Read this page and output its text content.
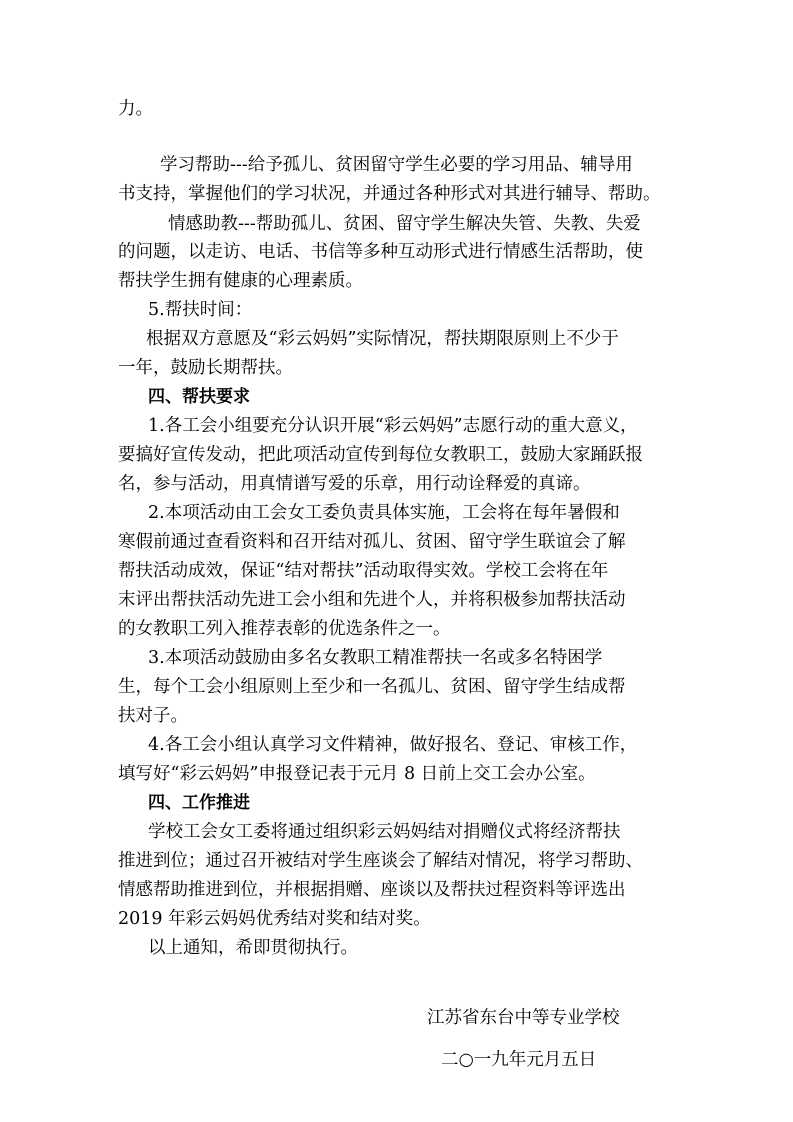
力。
学习帮助---给予孤儿、贫困留守学生必要的学习用品、辅导用
书支持，掌握他们的学习状况，并通过各种形式对其进行辅导、帮助。
情感助教---帮助孤儿、贫困、留守学生解决失管、失教、失爱
的问题，以走访、电话、书信等多种互动形式进行情感生活帮助，使
帮扶学生拥有健康的心理素质。
5.帮扶时间：
根据双方意愿及“彩云妈妈”实际情况，帮扶期限原则上不少于
一年，鼓励长期帮扶。
四、帮扶要求
1.各工会小组要充分认识开展“彩云妈妈”志愿行动的重大意义，
要搞好宣传发动，把此项活动宣传到每位女教职工，鼓励大家踊跃报
名，参与活动，用真情谱写爱的乐章，用行动诠释爱的真谛。
2.本项活动由工会女工委负责具体实施，工会将在每年暑假和
寒假前通过查看资料和召开结对孤儿、贫困、留守学生联谊会了解
帮扶活动成效，保证“结对帮扶”活动取得实效。学校工会将在年
末评出帮扶活动先进工会小组和先进个人，并将积极参加帮扶活动
的女教职工列入推荐表彰的优选条件之一。
3.本项活动鼓励由多名女教职工精准帮扶一名或多名特困学
生，每个工会小组原则上至少和一名孤儿、贫困、留守学生结成帮
扶对子。
4.各工会小组认真学习文件精神，做好报名、登记、审核工作，
填写好“彩云妈妈”申报登记表于元月 8 日前上交工会办公室。
四、工作推进
学校工会女工委将通过组织彩云妈妈结对捐赠仪式将经济帮扶
推进到位；通过召开被结对学生座谈会了解结对情况，将学习帮助、
情感帮助推进到位，并根据捐赠、座谈以及帮扶过程资料等评选出
2019 年彩云妈妈优秀结对奖和结对奖。
以上通知，希即贯彻执行。
江苏省东台中等专业学校
二○一九年元月五日
